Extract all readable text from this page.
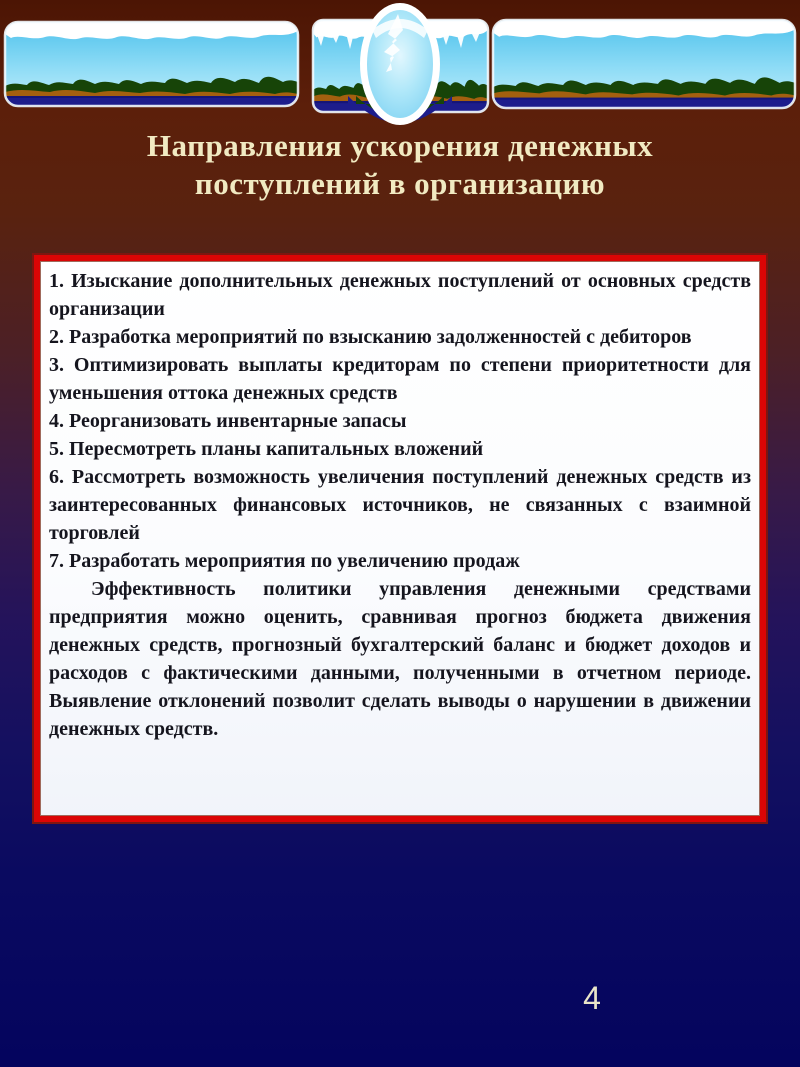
Направления ускорения денежных
поступлений в организацию

1. Изыскание дополнительных денежных поступлений от основных средств организации

2. Разработка мероприятий по взысканию задолженностей с дебиторов

3. Оптимизировать выплаты кредиторам по степени приоритетности для уменьшения оттока денежных средств

4. Реорганизовать инвентарные запасы

5. Пересмотреть планы капитальных вложений

6. Рассмотреть возможность увеличения поступлений денежных средств из заинтересованных финансовых источников, не связанных с взаимной торговлей

7. Разработать мероприятия по увеличению продаж

Эффективность политики управления денежными средствами предприятия можно оценить, сравнивая прогноз бюджета движения денежных средств, прогнозный бухгалтерский баланс и бюджет доходов и расходов с фактическими данными, полученными в отчетном периоде. Выявление отклонений позволит сделать выводы о нарушении в движении денежных средств.

4
